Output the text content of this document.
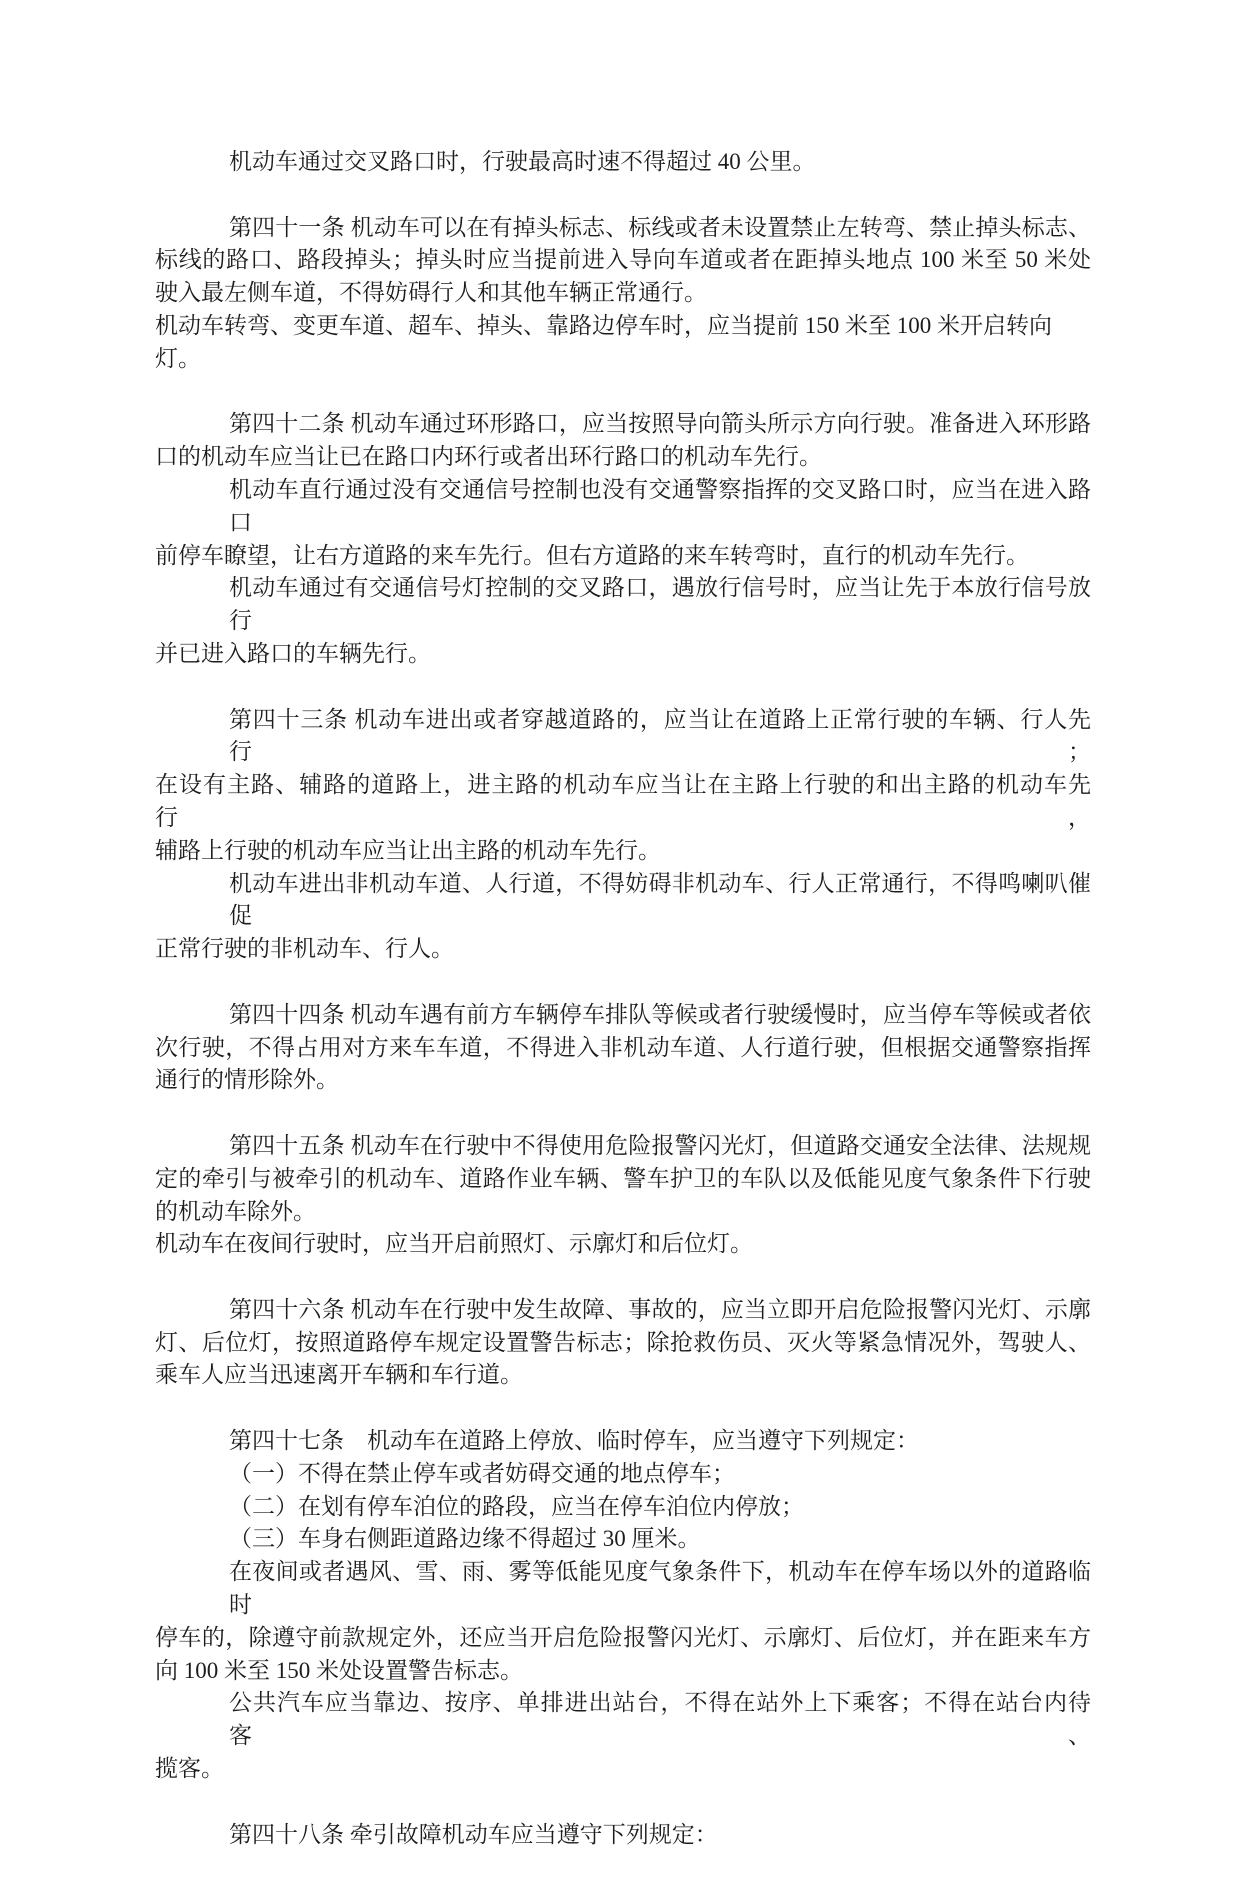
机动车通过交叉路口时，行驶最高时速不得超过 40 公里。
第四十一条 机动车可以在有掉头标志、标线或者未设置禁止左转弯、禁止掉头标志、
标线的路口、路段掉头；掉头时应当提前进入导向车道或者在距掉头地点 100 米至 50 米处
驶入最左侧车道，不得妨碍行人和其他车辆正常通行。
机动车转弯、变更车道、超车、掉头、靠路边停车时，应当提前 150 米至 100 米开启转向灯。
第四十二条 机动车通过环形路口，应当按照导向箭头所示方向行驶。准备进入环形路
口的机动车应当让已在路口内环行或者出环行路口的机动车先行。
机动车直行通过没有交通信号控制也没有交通警察指挥的交叉路口时，应当在进入路口
前停车瞭望，让右方道路的来车先行。但右方道路的来车转弯时，直行的机动车先行。
机动车通过有交通信号灯控制的交叉路口，遇放行信号时，应当让先于本放行信号放行
并已进入路口的车辆先行。
第四十三条 机动车进出或者穿越道路的，应当让在道路上正常行驶的车辆、行人先行；
在设有主路、辅路的道路上，进主路的机动车应当让在主路上行驶的和出主路的机动车先行，
辅路上行驶的机动车应当让出主路的机动车先行。
机动车进出非机动车道、人行道，不得妨碍非机动车、行人正常通行，不得鸣喇叭催促
正常行驶的非机动车、行人。
第四十四条 机动车遇有前方车辆停车排队等候或者行驶缓慢时，应当停车等候或者依
次行驶，不得占用对方来车车道，不得进入非机动车道、人行道行驶，但根据交通警察指挥
通行的情形除外。
第四十五条 机动车在行驶中不得使用危险报警闪光灯，但道路交通安全法律、法规规
定的牵引与被牵引的机动车、道路作业车辆、警车护卫的车队以及低能见度气象条件下行驶
的机动车除外。
机动车在夜间行驶时，应当开启前照灯、示廓灯和后位灯。
第四十六条 机动车在行驶中发生故障、事故的，应当立即开启危险报警闪光灯、示廓
灯、后位灯，按照道路停车规定设置警告标志；除抢救伤员、灭火等紧急情况外，驾驶人、
乘车人应当迅速离开车辆和车行道。
第四十七条　机动车在道路上停放、临时停车，应当遵守下列规定：
（一）不得在禁止停车或者妨碍交通的地点停车；
（二）在划有停车泊位的路段，应当在停车泊位内停放；
（三）车身右侧距道路边缘不得超过 30 厘米。
在夜间或者遇风、雪、雨、雾等低能见度气象条件下，机动车在停车场以外的道路临时
停车的，除遵守前款规定外，还应当开启危险报警闪光灯、示廓灯、后位灯，并在距来车方
向 100 米至 150 米处设置警告标志。
公共汽车应当靠边、按序、单排进出站台，不得在站外上下乘客；不得在站台内待客、
揽客。
第四十八条 牵引故障机动车应当遵守下列规定：
